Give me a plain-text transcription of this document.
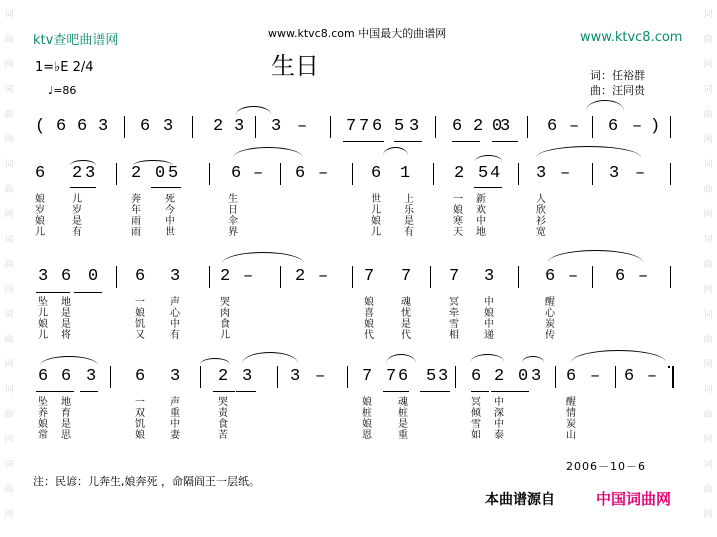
词
曲
网
词
曲
网
词
曲
网
词
曲
网
词
曲
网
词
曲
网
词
曲
网
词
曲
网
词
曲
网
词
曲
网
词
曲
网
词
曲
网
词
曲
网
词
曲
网
ktv查吧曲谱网	www.ktvc8.com 中国最大的曲谱网	www.ktvc8.com
生日	词：任裕群
曲：汪同贵
1=♭E 2/4
♩=86
( 6 6 3 6 3 2 3 3 – 7 7 6 5 3 6 2 0
3 6 – 6 – )
6 2 3 2 0 5	6 – 6 –	6 1	2 5 4 3 – 3 –
娘	儿	奔 死	生	世 上	一 新	人
岁	岁	年 今	日	儿 乐	娘 欢	欣
娘	是	雨 中	伞	娘 是	寒 中	衫
儿	有	雨 世	界	儿 有	天 地	宽
3 6 0 6 3 2 – 2 – 7 7 7 3	6 – 6 –
坠 地	一	声	哭	娘	魂	冥	中	醒
儿 是	娘	心	肉	喜	忧	牵	娘	心
娘 是	饥	中	食	娘	是	雪	中	炭
儿 将	又	有	儿	代	代	相	递	传
6 6 3 6 3 2 3 3 – 7 7 6 5 3 6 2 0 3 6 – 6 –
坠 地	一	声	哭	娘	魂	冥 中	醒
养 育	双	重	责	桩	桩	倾 深	情
娘 是	饥	中	食	娘	是	雪 中	炭
常 思	娘	妻	苦	恩	重	如 泰	山
注：民谚：儿奔生,娘奔死 ，命隔阎王一层纸。
2006－10－6
本曲谱源自	中国词曲网
